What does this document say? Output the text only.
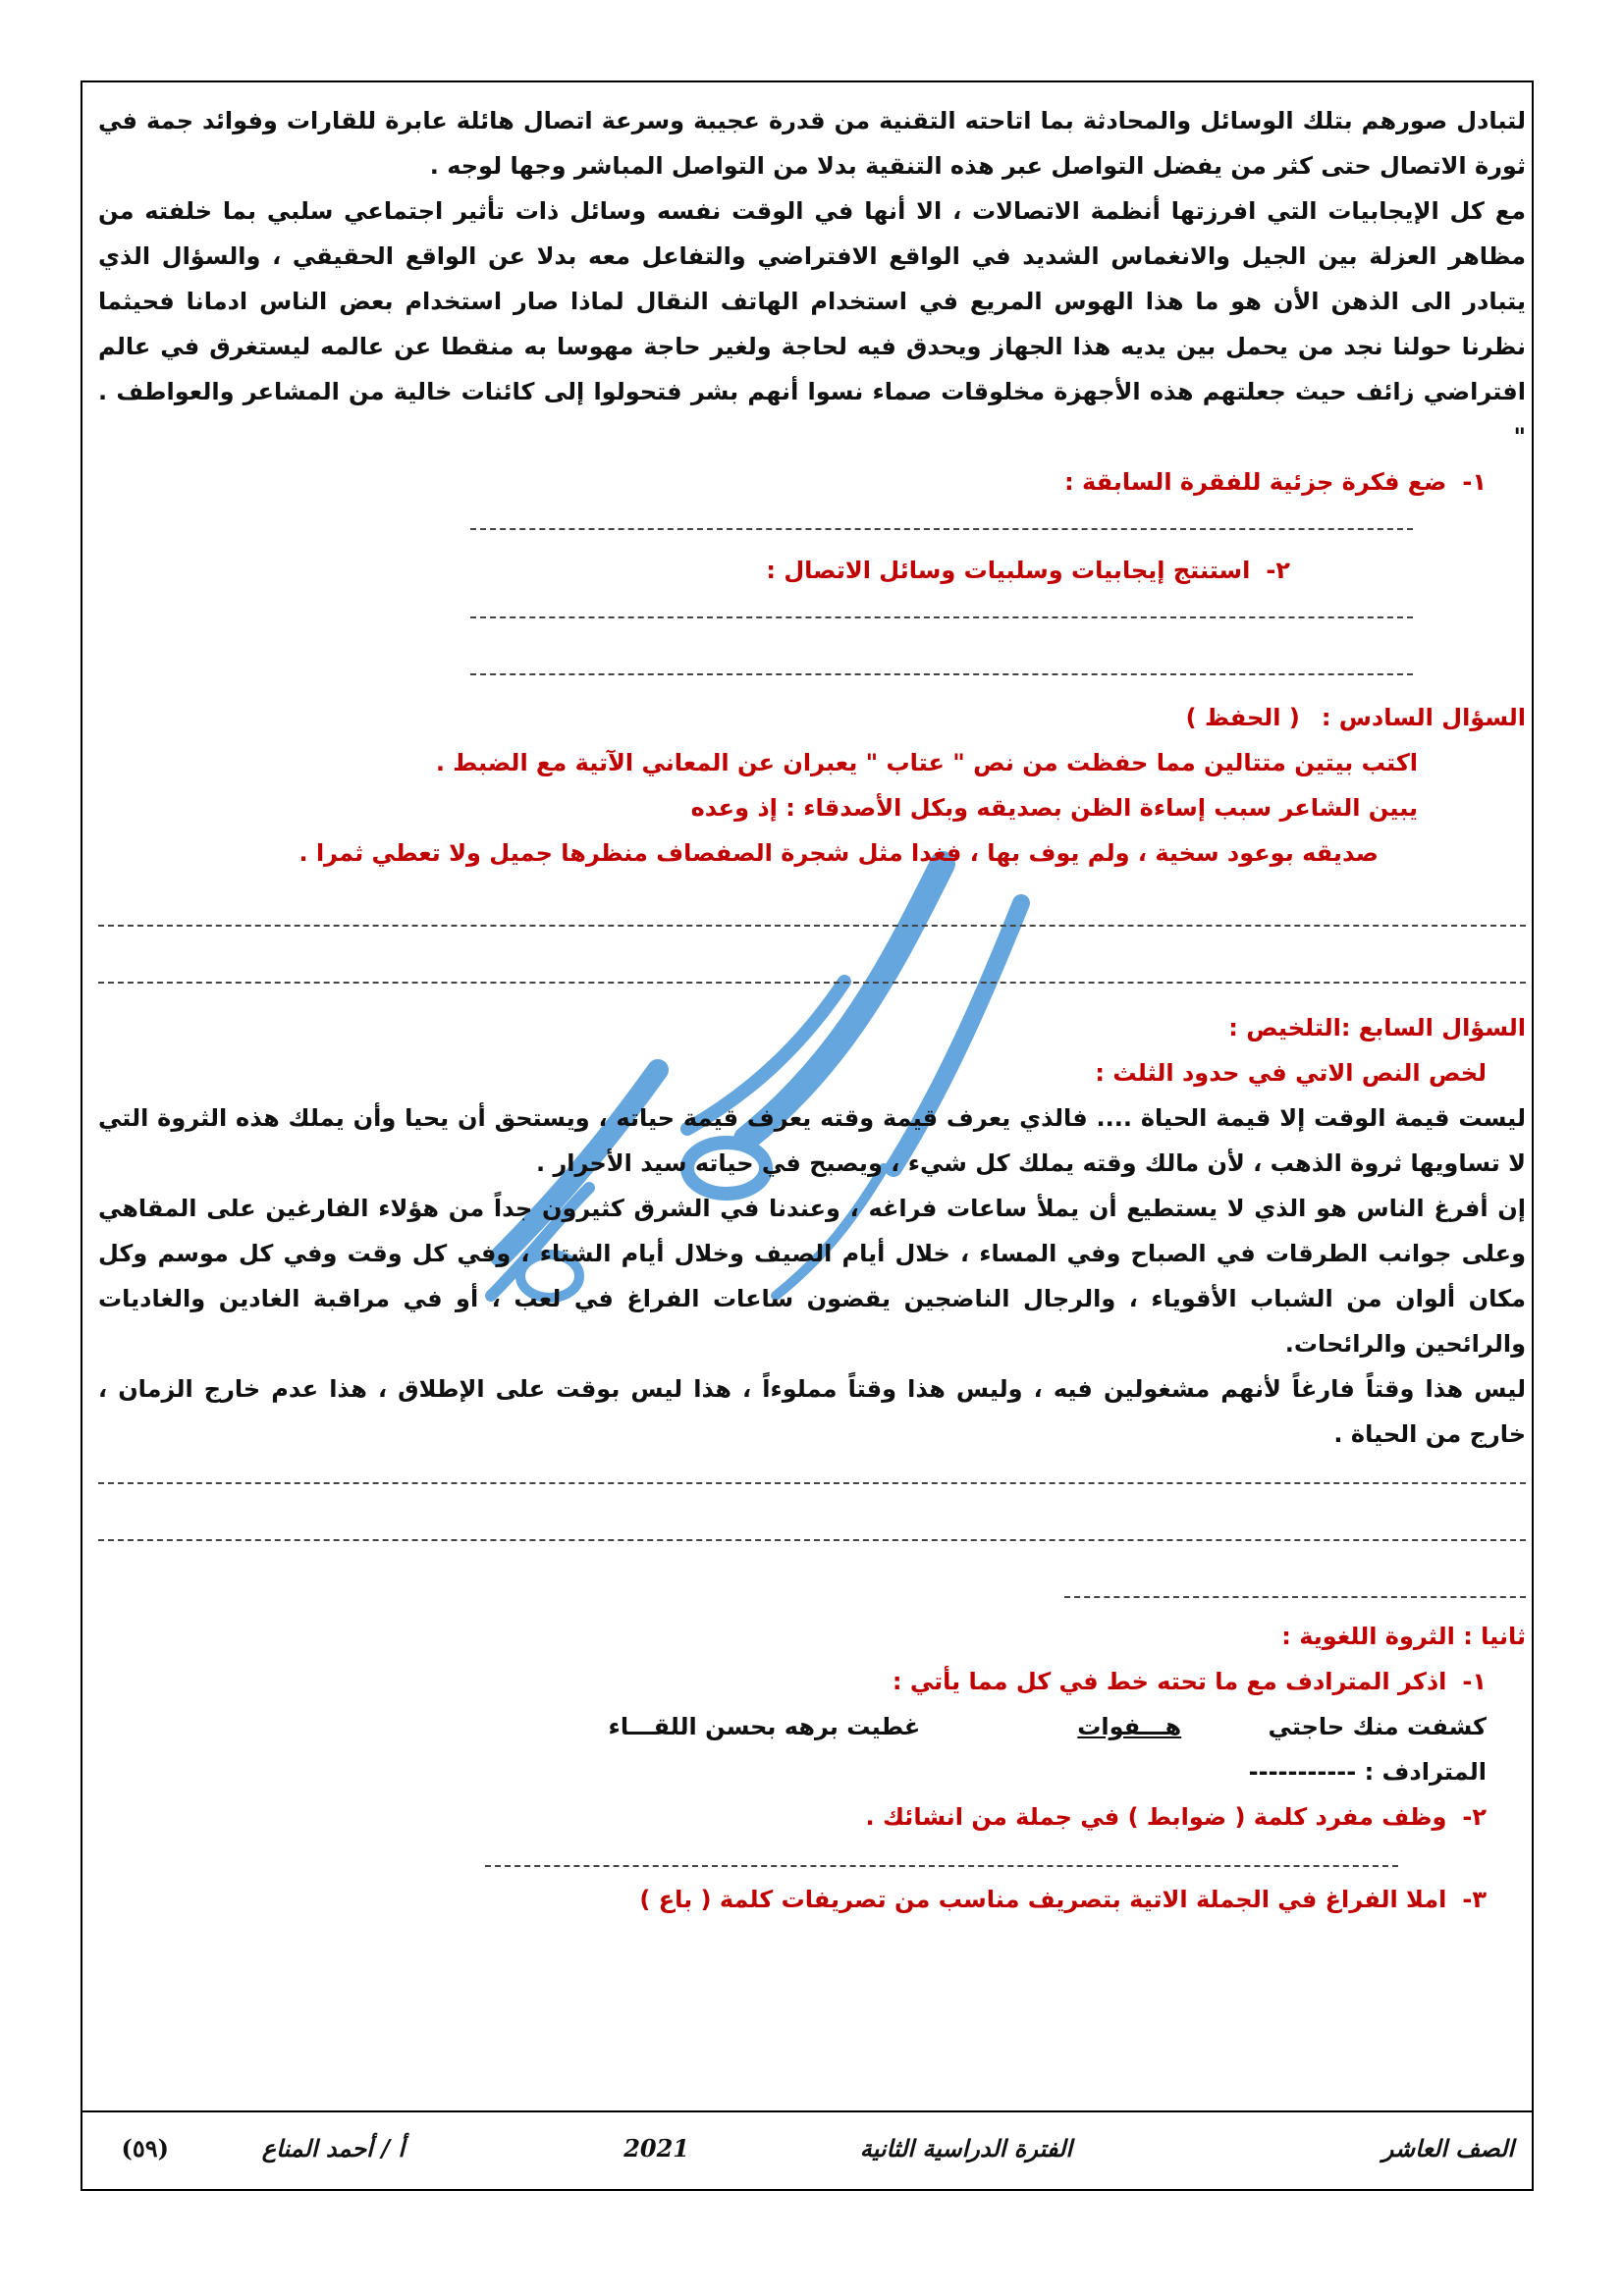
لتبادل صورهم بتلك الوسائل والمحادثة بما اتاحته التقنية من قدرة عجيبة وسرعة اتصال هائلة عابرة للقارات وفوائد جمة في ثورة الاتصال حتى كثر من يفضل التواصل عبر هذه التنقية بدلا من التواصل المباشر وجها لوجه .

مع كل الإيجابيات التي افرزتها أنظمة الاتصالات ، الا أنها في الوقت نفسه وسائل ذات تأثير اجتماعي سلبي بما خلفته من مظاهر العزلة بين الجيل والانغماس الشديد في الواقع الافتراضي والتفاعل معه بدلا عن الواقع الحقيقي ، والسؤال الذي يتبادر الى الذهن الأن هو ما هذا الهوس المريع في استخدام الهاتف النقال لماذا صار استخدام بعض الناس ادمانا فحيثما نظرنا حولنا نجد من يحمل بين يديه هذا الجهاز ويحدق فيه لحاجة ولغير حاجة مهوسا به منقطا عن عالمه ليستغرق في عالم افتراضي زائف حيث جعلتهم هذه الأجهزة مخلوقات صماء نسوا أنهم بشر فتحولوا إلى كائنات خالية من المشاعر والعواطف . "

١-ضع فكرة جزئية للفقرة السابقة :

٢-استنتج إيجابيات وسلبيات وسائل الاتصال :

السؤال السادس :( الحفظ )

اكتب بيتين متتالين مما حفظت من نص " عتاب " يعبران عن المعاني الآتية مع الضبط .

يبين الشاعر سبب إساءة الظن بصديقه وبكل الأصدقاء : إذ وعده

صديقه بوعود سخية ، ولم يوف بها ، فغدا مثل شجرة الصفصاف منظرها جميل ولا تعطي ثمرا .

السؤال السابع :التلخيص :

لخص النص الاتي في حدود الثلث :

ليست قيمة الوقت إلا قيمة الحياة .... فالذي يعرف قيمة وقته يعرف قيمة حياته ، ويستحق أن يحيا وأن يملك هذه الثروة التي لا تساويها ثروة الذهب ، لأن مالك وقته يملك كل شيء ، ويصبح في حياته سيد الأحرار .

إن أفرغ الناس هو الذي لا يستطيع أن يملأ ساعات فراغه ، وعندنا في الشرق كثيرون جداً من هؤلاء الفارغين على المقاهي وعلى جوانب الطرقات في الصباح وفي المساء ، خلال أيام الصيف وخلال أيام الشتاء ، وفي كل وقت وفي كل موسم وكل مكان ألوان من الشباب الأقوياء ، والرجال الناضجين يقضون ساعات الفراغ في لعب ، أو في مراقبة الغادين والغاديات والرائحين والرائحات.

ليس هذا وقتاً فارغاً لأنهم مشغولين فيه ، وليس هذا وقتاً مملوءاً ، هذا ليس بوقت على الإطلاق ، هذا عدم خارج الزمان ، خارج من الحياة .

ثانيا : الثروة اللغوية :

١-اذكر المترادف مع ما تحته خط في كل مما يأتي :

كشفت منك حاجتي هـــفوات
غطيت برهه بحسن اللقـــاء

المترادف : -----------

٢-وظف مفرد كلمة ( ضوابط ) في جملة من انشائك .

٣-املا الفراغ في الجملة الاتية بتصريف مناسب من تصريفات كلمة ( باع )

الصف العاشر
الفترة الدراسية الثانية
2021
أ / أحمد المناع
(٥٩)
